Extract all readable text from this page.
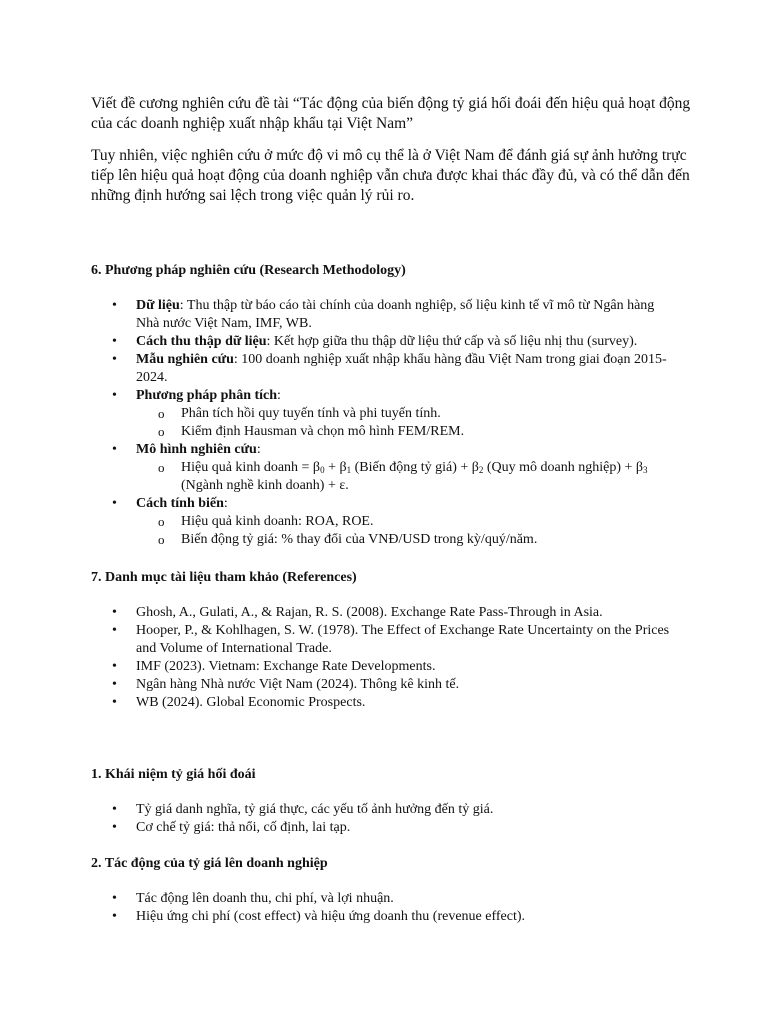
Viết đề cương nghiên cứu đề tài “Tác động của biến động tỷ giá hối đoái đến hiệu quả hoạt động của các doanh nghiệp xuất nhập khẩu tại Việt Nam”

Tuy nhiên, việc nghiên cứu ở mức độ vi mô cụ thể là ở Việt Nam để đánh giá sự ảnh hưởng trực tiếp lên hiệu quả hoạt động của doanh nghiệp vẫn chưa được khai thác đầy đủ, và có thể dẫn đến những định hướng sai lệch trong việc quản lý rủi ro.

6. Phương pháp nghiên cứu (Research Methodology)

• Dữ liệu: Thu thập từ báo cáo tài chính của doanh nghiệp, số liệu kinh tế vĩ mô từ Ngân hàng Nhà nước Việt Nam, IMF, WB.
• Cách thu thập dữ liệu: Kết hợp giữa thu thập dữ liệu thứ cấp và số liệu nhị thu (survey).
• Mẫu nghiên cứu: 100 doanh nghiệp xuất nhập khẩu hàng đầu Việt Nam trong giai đoạn 2015-2024.
• Phương pháp phân tích:
o Phân tích hồi quy tuyến tính và phi tuyến tính.
o Kiểm định Hausman và chọn mô hình FEM/REM.
• Mô hình nghiên cứu:
o Hiệu quả kinh doanh = $\beta_0 + \beta_1$ (Biến động tỷ giá) + $\beta_2$ (Quy mô doanh nghiệp) + $\beta_3$ (Ngành nghề kinh doanh) + ε.
• Cách tính biến:
o Hiệu quả kinh doanh: ROA, ROE.
o Biến động tỷ giá: % thay đổi của VNĐ/USD trong kỳ/quý/năm.

7. Danh mục tài liệu tham khảo (References)

• Ghosh, A., Gulati, A., & Rajan, R. S. (2008). Exchange Rate Pass-Through in Asia.
• Hooper, P., & Kohlhagen, S. W. (1978). The Effect of Exchange Rate Uncertainty on the Prices and Volume of International Trade.
• IMF (2023). Vietnam: Exchange Rate Developments.
• Ngân hàng Nhà nước Việt Nam (2024). Thông kê kinh tế.
• WB (2024). Global Economic Prospects.

1. Khái niệm tỷ giá hối đoái

• Tỷ giá danh nghĩa, tỷ giá thực, các yếu tố ảnh hưởng đến tỷ giá.
• Cơ chế tỷ giá: thả nổi, cố định, lai tạp.

2. Tác động của tỷ giá lên doanh nghiệp

• Tác động lên doanh thu, chi phí, và lợi nhuận.
• Hiệu ứng chi phí (cost effect) và hiệu ứng doanh thu (revenue effect).
